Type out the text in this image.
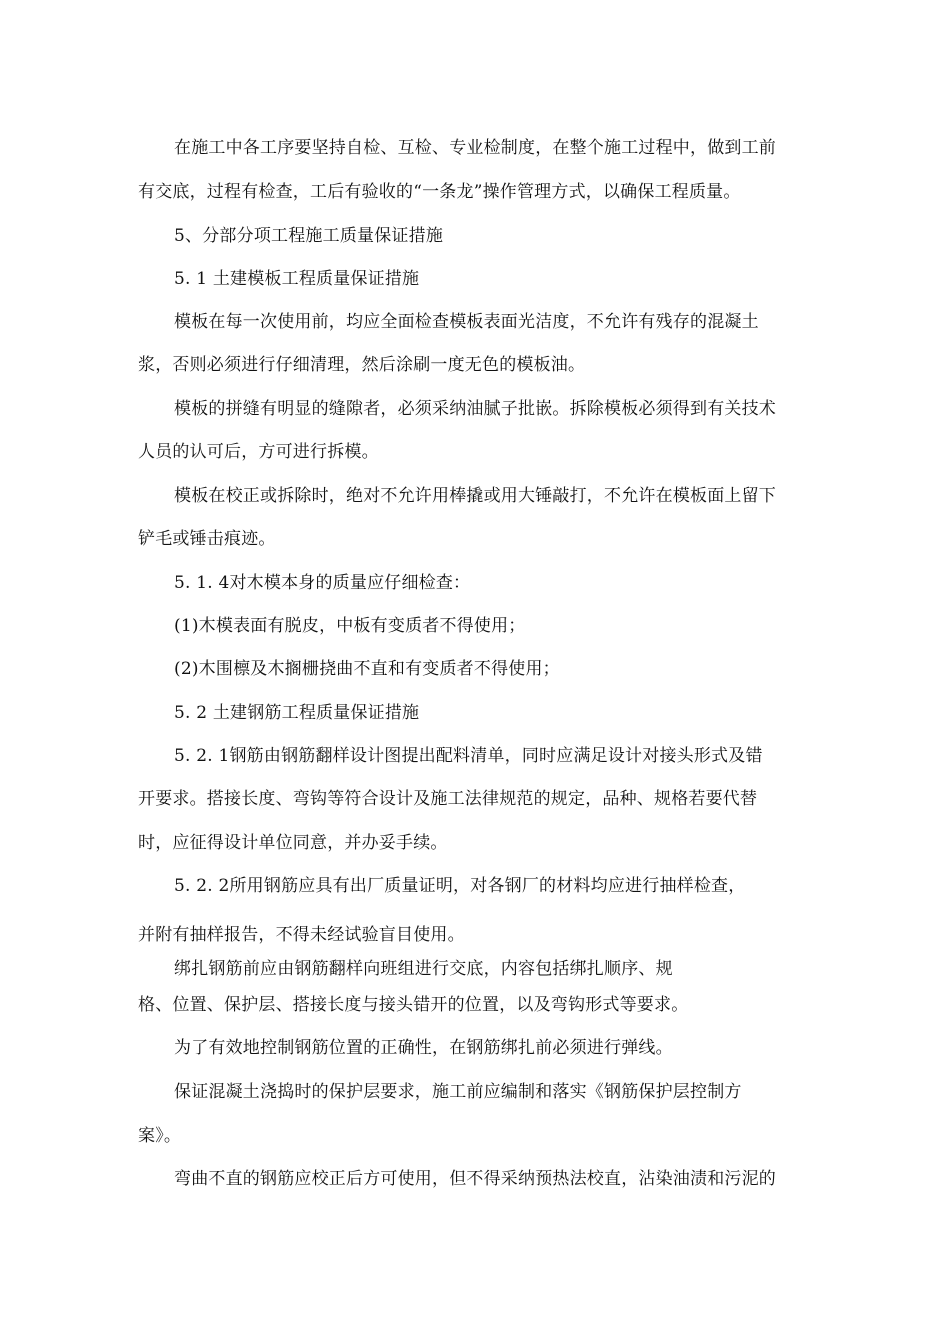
在施工中各工序要坚持自检、互检、专业检制度，在整个施工过程中，做到工前
有交底，过程有检查，工后有验收的“一条龙”操作管理方式，以确保工程质量。
5、分部分项工程施工质量保证措施
5. 1 土建模板工程质量保证措施
模板在每一次使用前，均应全面检查模板表面光洁度，不允许有残存的混凝土
浆，否则必须进行仔细清理，然后涂刷一度无色的模板油。
模板的拼缝有明显的缝隙者，必须采纳油腻子批嵌。拆除模板必须得到有关技术
人员的认可后，方可进行拆模。
模板在校正或拆除时，绝对不允许用棒撬或用大锤敲打，不允许在模板面上留下
铲毛或锤击痕迹。
5. 1. 4对木模本身的质量应仔细检查：
(1)木模表面有脱皮，中板有变质者不得使用；
(2)木围檩及木搁栅挠曲不直和有变质者不得使用；
5. 2 土建钢筋工程质量保证措施
5. 2. 1钢筋由钢筋翻样设计图提出配料清单，同时应满足设计对接头形式及错
开要求。搭接长度、弯钩等符合设计及施工法律规范的规定，品种、规格若要代替
时，应征得设计单位同意，并办妥手续。
5. 2. 2所用钢筋应具有出厂质量证明，对各钢厂的材料均应进行抽样检查，
并附有抽样报告，不得未经试验盲目使用。
绑扎钢筋前应由钢筋翻样向班组进行交底，内容包括绑扎顺序、规
格、位置、保护层、搭接长度与接头错开的位置，以及弯钩形式等要求。
为了有效地控制钢筋位置的正确性，在钢筋绑扎前必须进行弹线。
保证混凝土浇捣时的保护层要求，施工前应编制和落实《钢筋保护层控制方
案》。
弯曲不直的钢筋应校正后方可使用，但不得采纳预热法校直，沾染油渍和污泥的
